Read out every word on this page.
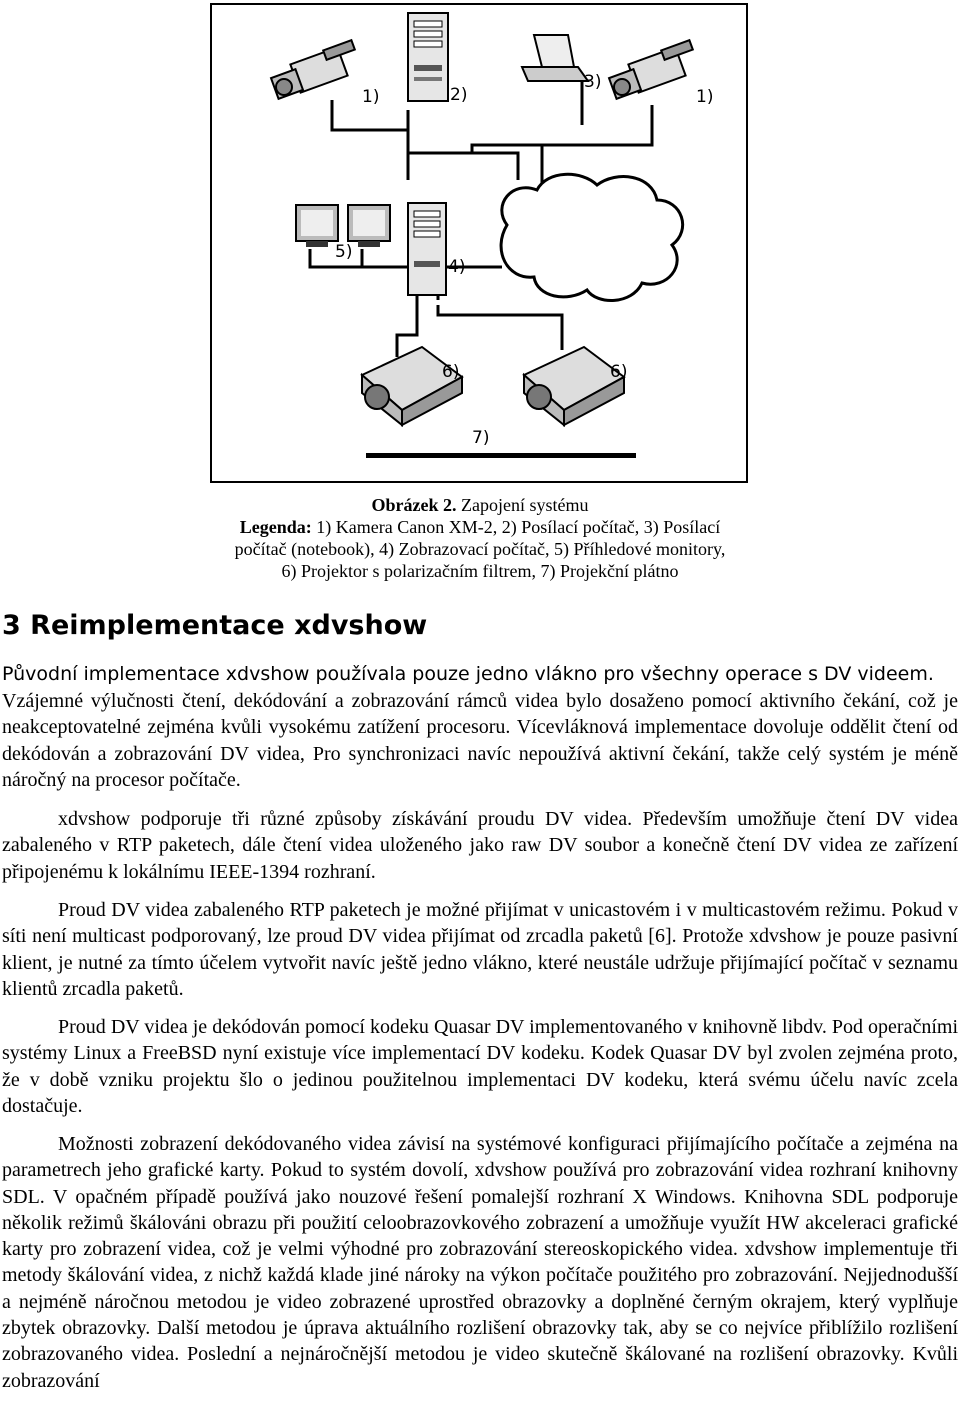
1)	2)
3)
1)
5)
4)
6)	6)
7)
Obrázek 2. Zapojení systému
Legenda: 1) Kamera Canon XM-2, 2) Posílací počítač, 3) Posílací
počítač (notebook), 4) Zobrazovací počítač, 5) Příhledové monitory,
6) Projektor s polarizačním filtrem, 7) Projekční plátno
3 Reimplementace xdvshow

Původní implementace xdvshow používala pouze jedno vlákno pro všechny operace s DV videem.

Vzájemné výlučnosti čtení, dekódování a zobrazování rámců videa bylo dosaženo pomocí aktivního čekání, což je neakceptovatelné zejména kvůli vysokému zatížení procesoru. Vícevláknová implementace dovoluje oddělit čtení od dekódován a zobrazování DV videa, Pro synchronizaci navíc nepoužívá aktivní čekání, takže celý systém je méně náročný na procesor počítače.

xdvshow podporuje tři různé způsoby získávání proudu DV videa. Především umožňuje čtení DV videa zabaleného v RTP paketech, dále čtení videa uloženého jako raw DV soubor a konečně čtení DV videa ze zařízení připojenému k lokálnímu IEEE-1394 rozhraní.

Proud DV videa zabaleného RTP paketech je možné přijímat v unicastovém i v multicastovém režimu. Pokud v síti není multicast podporovaný, lze proud DV videa přijímat od zrcadla paketů [6]. Protože xdvshow je pouze pasivní klient, je nutné za tímto účelem vytvořit navíc ještě jedno vlákno, které neustále udržuje přijímající počítač v seznamu klientů zrcadla paketů.

Proud DV videa je dekódován pomocí kodeku Quasar DV implementovaného v knihovně libdv. Pod operačními systémy Linux a FreeBSD nyní existuje více implementací DV kodeku. Kodek Quasar DV byl zvolen zejména proto, že v době vzniku projektu šlo o jedinou použitelnou implementaci DV kodeku, která svému účelu navíc zcela dostačuje.

Možnosti zobrazení dekódovaného videa závisí na systémové konfiguraci přijímajícího počítače a zejména na parametrech jeho grafické karty. Pokud to systém dovolí, xdvshow používá pro zobrazování videa rozhraní knihovny SDL. V opačném případě používá jako nouzové řešení pomalejší rozhraní X Windows. Knihovna SDL podporuje několik režimů škálováni obrazu při použití celoobrazovkového zobrazení a umožňuje využít HW akceleraci grafické karty pro zobrazení videa, což je velmi výhodné pro zobrazování stereoskopického videa. xdvshow implementuje tři metody škálování videa, z nichž každá klade jiné nároky na výkon počítače použitého pro zobrazování. Nejjednodušší a nejméně náročnou metodou je video zobrazené uprostřed obrazovky a doplněné černým okrajem, který vyplňuje zbytek obrazovky. Další metodou je úprava aktuálního rozlišení obrazovky tak, aby se co nejvíce přiblížilo rozlišení zobrazovaného videa. Poslední a nejnáročnější metodou je video skutečně škálované na rozlišení obrazovky. Kvůli zobrazování
